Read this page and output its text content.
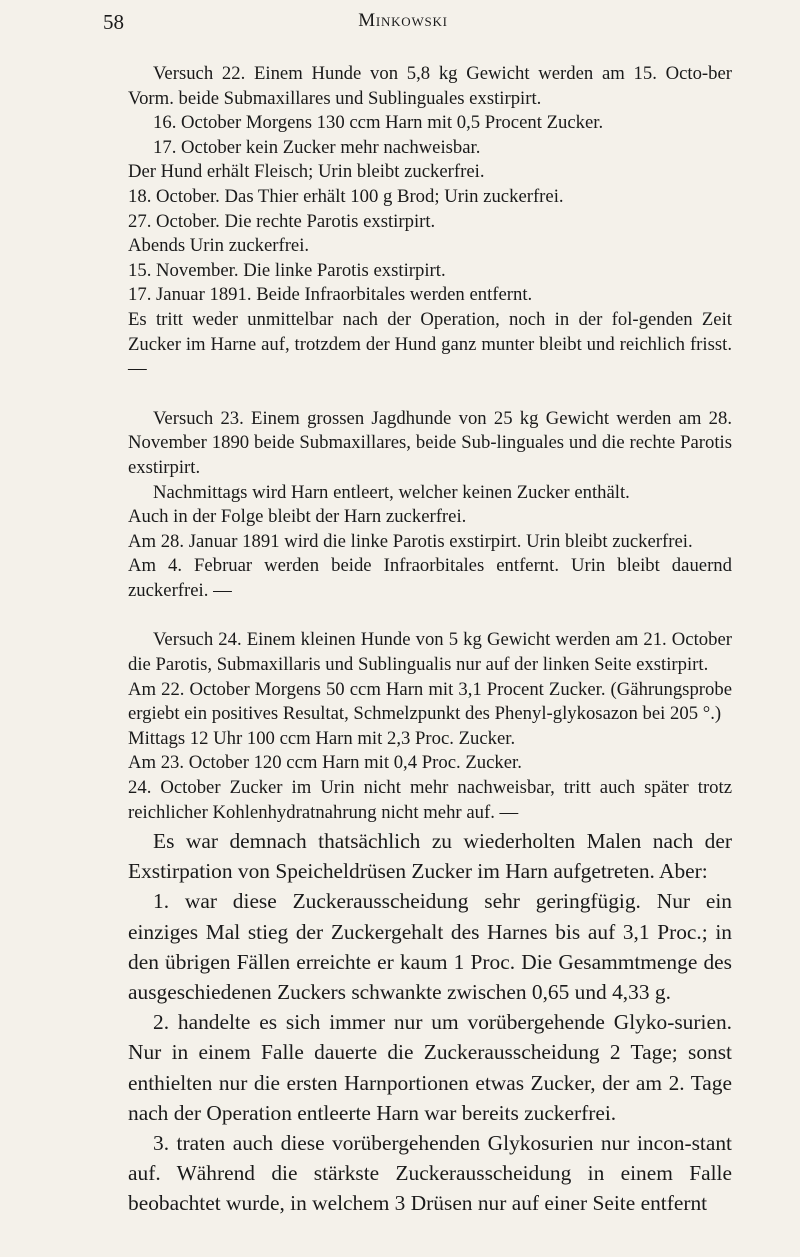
58	Minkowski

Versuch 22. Einem Hunde von 5,8 kg Gewicht werden am 15. Octo-ber Vorm. beide Submaxillares und Sublinguales exstirpirt.

16. October Morgens 130 ccm Harn mit 0,5 Procent Zucker.

17. October kein Zucker mehr nachweisbar.

Der Hund erhält Fleisch; Urin bleibt zuckerfrei.

18. October. Das Thier erhält 100 g Brod; Urin zuckerfrei.

27. October. Die rechte Parotis exstirpirt.

Abends Urin zuckerfrei.

15. November. Die linke Parotis exstirpirt.

17. Januar 1891. Beide Infraorbitales werden entfernt.

Es tritt weder unmittelbar nach der Operation, noch in der fol-genden Zeit Zucker im Harne auf, trotzdem der Hund ganz munter bleibt und reichlich frisst. —

Versuch 23. Einem grossen Jagdhunde von 25 kg Gewicht werden am 28. November 1890 beide Submaxillares, beide Sub-linguales und die rechte Parotis exstirpirt.

Nachmittags wird Harn entleert, welcher keinen Zucker enthält.

Auch in der Folge bleibt der Harn zuckerfrei.

Am 28. Januar 1891 wird die linke Parotis exstirpirt. Urin bleibt zuckerfrei.

Am 4. Februar werden beide Infraorbitales entfernt. Urin bleibt dauernd zuckerfrei. —

Versuch 24. Einem kleinen Hunde von 5 kg Gewicht werden am 21. October die Parotis, Submaxillaris und Sublingualis nur auf der linken Seite exstirpirt.

Am 22. October Morgens 50 ccm Harn mit 3,1 Procent Zucker. (Gährungsprobe ergiebt ein positives Resultat, Schmelzpunkt des Phenyl-glykosazon bei 205 °.)

Mittags 12 Uhr 100 ccm Harn mit 2,3 Proc. Zucker.

Am 23. October 120 ccm Harn mit 0,4 Proc. Zucker.

24. October Zucker im Urin nicht mehr nachweisbar, tritt auch später trotz reichlicher Kohlenhydratnahrung nicht mehr auf. —

Es war demnach thatsächlich zu wiederholten Malen nach der Exstirpation von Speicheldrüsen Zucker im Harn aufgetreten. Aber:

1. war diese Zuckerausscheidung sehr geringfügig. Nur ein einziges Mal stieg der Zuckergehalt des Harnes bis auf 3,1 Proc.; in den übrigen Fällen erreichte er kaum 1 Proc. Die Gesammtmenge des ausgeschiedenen Zuckers schwankte zwischen 0,65 und 4,33 g.

2. handelte es sich immer nur um vorübergehende Glyko-surien. Nur in einem Falle dauerte die Zuckerausscheidung 2 Tage; sonst enthielten nur die ersten Harnportionen etwas Zucker, der am 2. Tage nach der Operation entleerte Harn war bereits zuckerfrei.

3. traten auch diese vorübergehenden Glykosurien nur incon-stant auf. Während die stärkste Zuckerausscheidung in einem Falle beobachtet wurde, in welchem 3 Drüsen nur auf einer Seite entfernt
